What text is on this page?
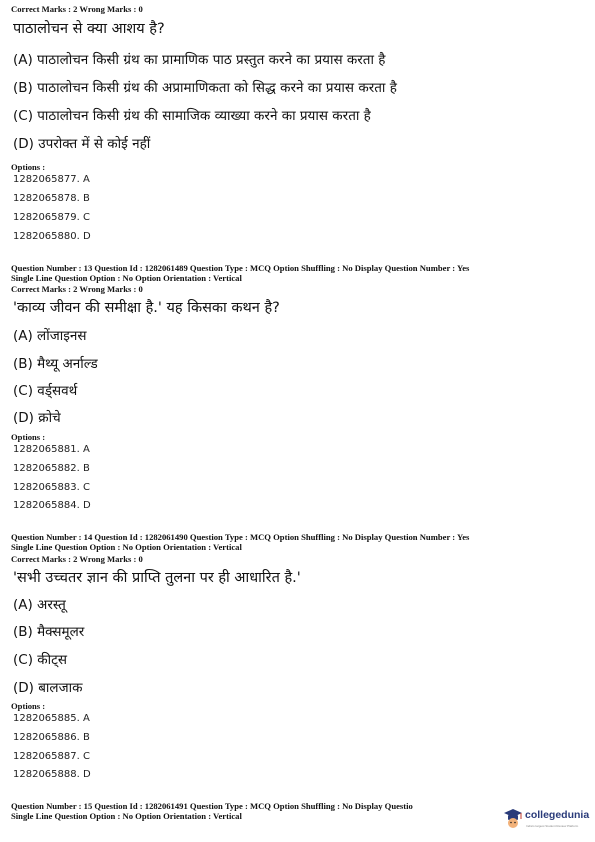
Correct Marks : 2 Wrong Marks : 0
पाठालोचन से क्या आशय है?
(A) पाठालोचन किसी ग्रंथ का प्रामाणिक पाठ प्रस्तुत करने का प्रयास करता है
(B) पाठालोचन किसी ग्रंथ की अप्रामाणिकता को सिद्ध करने का प्रयास करता है
(C) पाठालोचन किसी ग्रंथ की सामाजिक व्याख्या करने का प्रयास करता है
(D) उपरोक्त में से कोई नहीं
Options :
1282065877. A
1282065878. B
1282065879. C
1282065880. D
Question Number : 13 Question Id : 1282061489 Question Type : MCQ Option Shuffling : No Display Question Number : Yes
Single Line Question Option : No Option Orientation : Vertical
Correct Marks : 2 Wrong Marks : 0
'काव्य जीवन की समीक्षा है.' यह किसका कथन है?
(A) लोंजाइनस
(B) मैथ्यू अर्नाल्ड
(C) वर्ड्सवर्थ
(D) क्रोचे
Options :
1282065881. A
1282065882. B
1282065883. C
1282065884. D
Question Number : 14 Question Id : 1282061490 Question Type : MCQ Option Shuffling : No Display Question Number : Yes
Single Line Question Option : No Option Orientation : Vertical
Correct Marks : 2 Wrong Marks : 0
'सभी उच्चतर ज्ञान की प्राप्ति तुलना पर ही आधारित है.'
(A) अरस्तू
(B) मैक्समूलर
(C) कीट्स
(D) बालजाक
Options :
1282065885. A
1282065886. B
1282065887. C
1282065888. D
Question Number : 15 Question Id : 1282061491 Question Type : MCQ Option Shuffling : No Display Questio
Single Line Question Option : No Option Orientation : Vertical	collegedunia
India's largest Student Review Platform
